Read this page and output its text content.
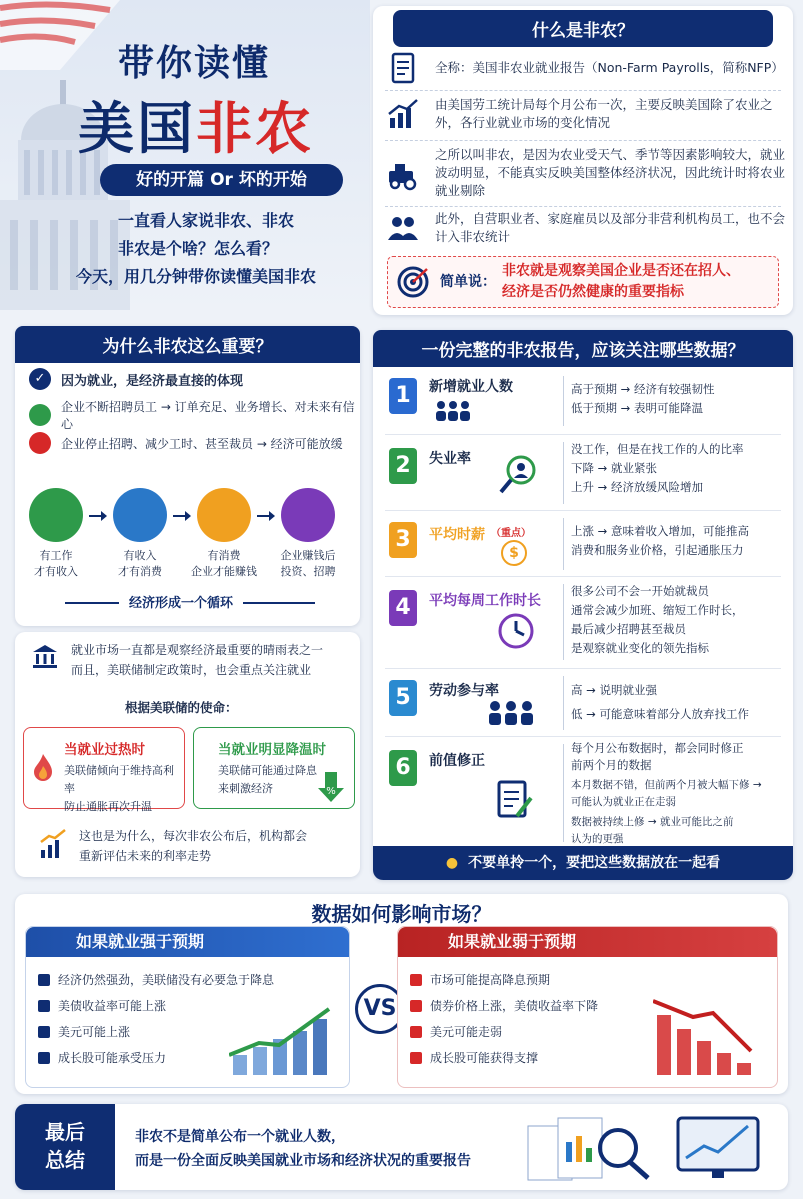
带你读懂
美国非农
好的开篇 Or 坏的开始
一直看人家说非农、非农
非农是个啥？怎么看？
今天，用几分钟带你读懂美国非农
什么是非农？
全称：美国非农业就业报告（Non-Farm Payrolls，简称NFP）
由美国劳工统计局每个月公布一次，主要反映美国除了农业之外，各行业就业市场的变化情况
之所以叫非农，是因为农业受天气、季节等因素影响较大，就业波动明显，不能真实反映美国整体经济状况，因此统计时将农业就业剔除
此外，自营职业者、家庭雇员以及部分非营利机构员工，也不会计入非农统计
简单说：
非农就是观察美国企业是否还在招人、
经济是否仍然健康的重要指标
为什么非农这么重要？
✓	因为就业，是经济最直接的体现
企业不断招聘员工 → 订单充足、业务增长、对未来有信心
企业停止招聘、减少工时、甚至裁员 → 经济可能放缓
有工作
才有收入
有收入
才有消费
有消费
企业才能赚钱
企业赚钱后
投资、招聘
经济形成一个循环
就业市场一直都是观察经济最重要的晴雨表之一
而且，美联储制定政策时，也会重点关注就业
根据美联储的使命：
当就业过热时
美联储倾向于维持高利率
防止通胀再次升温
当就业明显降温时
美联储可能通过降息
来刺激经济	%
这也是为什么，每次非农公布后，机构都会
重新评估未来的利率走势
一份完整的非农报告，应该关注哪些数据？
1	新增就业人数	高于预期 → 经济有较强韧性
低于预期 → 表明可能降温
2	失业率
没工作，但是在找工作的人的比率
下降 → 就业紧张
上升 → 经济放缓风险增加
3	平均时薪 （重点）
$
上涨 → 意味着收入增加，可能推高
消费和服务业价格，引起通胀压力
4	平均每周工作时长
很多公司不会一开始就裁员
通常会减少加班、缩短工作时长，
最后减少招聘甚至裁员
是观察就业变化的领先指标
5	劳动参与率	高 → 说明就业强
低 → 可能意味着部分人放弃找工作
6	前值修正
每个月公布数据时，都会同时修正
前两个月的数据
本月数据不错，但前两个月被大幅下修 →
可能认为就业正在走弱
数据被持续上修 → 就业可能比之前
认为的更强
● 不要单拎一个，要把这些数据放在一起看
数据如何影响市场？
如果就业强于预期
经济仍然强劲，美联储没有必要急于降息
美债收益率可能上涨
美元可能上涨
成长股可能承受压力
VS
如果就业弱于预期
市场可能提高降息预期
债券价格上涨，美债收益率下降
美元可能走弱
成长股可能获得支撑
最后
总结
非农不是简单公布一个就业人数，
而是一份全面反映美国就业市场和经济状况的重要报告
